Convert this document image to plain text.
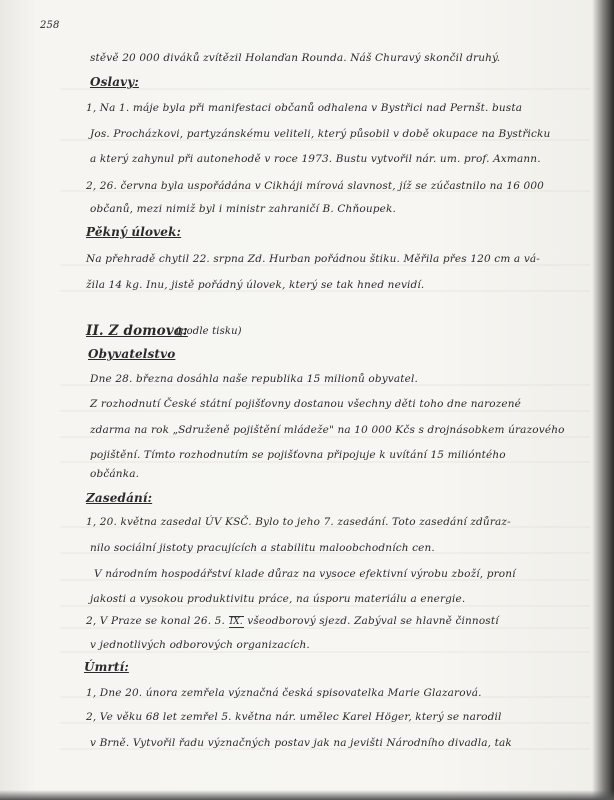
258
stěvě 20 000 diváků zvítězil Holanďan Rounda. Náš Churavý skončil druhý.
Oslavy:
1, Na 1. máje byla při manifestaci občanů odhalena v Bystřici nad Pernšt. busta
Jos. Procházkovi, partyzánskému veliteli, který působil v době okupace na Bystřicku
a který zahynul při autonehodě v roce 1973. Bustu vytvořil nár. um. prof. Axmann.
2, 26. června byla uspořádána v Cikháji mírová slavnost, jíž se zúčastnilo na 16 000
občanů, mezi nimiž byl i ministr zahraničí B. Chňoupek.
Pěkný úlovek:
Na přehradě chytil 22. srpna Zd. Hurban pořádnou štiku. Měřila přes 120 cm a vá-
žila 14 kg. Inu, jistě pořádný úlovek, který se tak hned nevidí.
II. Z domova:
(podle tisku)
Obyvatelstvo
Dne 28. března dosáhla naše republika 15 milionů obyvatel.
Z rozhodnutí České státní pojišťovny dostanou všechny děti toho dne narozené
zdarma na rok „Sdruženě pojištění mládeže" na 10 000 Kčs s drojnásobkem úrazového
pojištění. Tímto rozhodnutím se pojišťovna připojuje k uvítání 15 milióntého
občánka.
Zasedání:
1, 20. května zasedal ÚV KSČ. Bylo to jeho 7. zasedání. Toto zasedání zdůraz-
nilo sociální jistoty pracujících a stabilitu maloobchodních cen.
V národním hospodářství klade důraz na vysoce efektivní výrobu zboží, proní
jakosti a vysokou produktivitu práce, na úsporu materiálu a energie.
2, V Praze se konal 26. 5. IX. všeodborový sjezd. Zabýval se hlavně činností
v jednotlivých odborových organizacích.
Úmrtí:
1, Dne 20. února zemřela význačná česká spisovatelka Marie Glazarová.
2, Ve věku 68 let zemřel 5. května nár. umělec Karel Höger, který se narodil
v Brně. Vytvořil řadu význačných postav jak na jevišti Národního divadla, tak
